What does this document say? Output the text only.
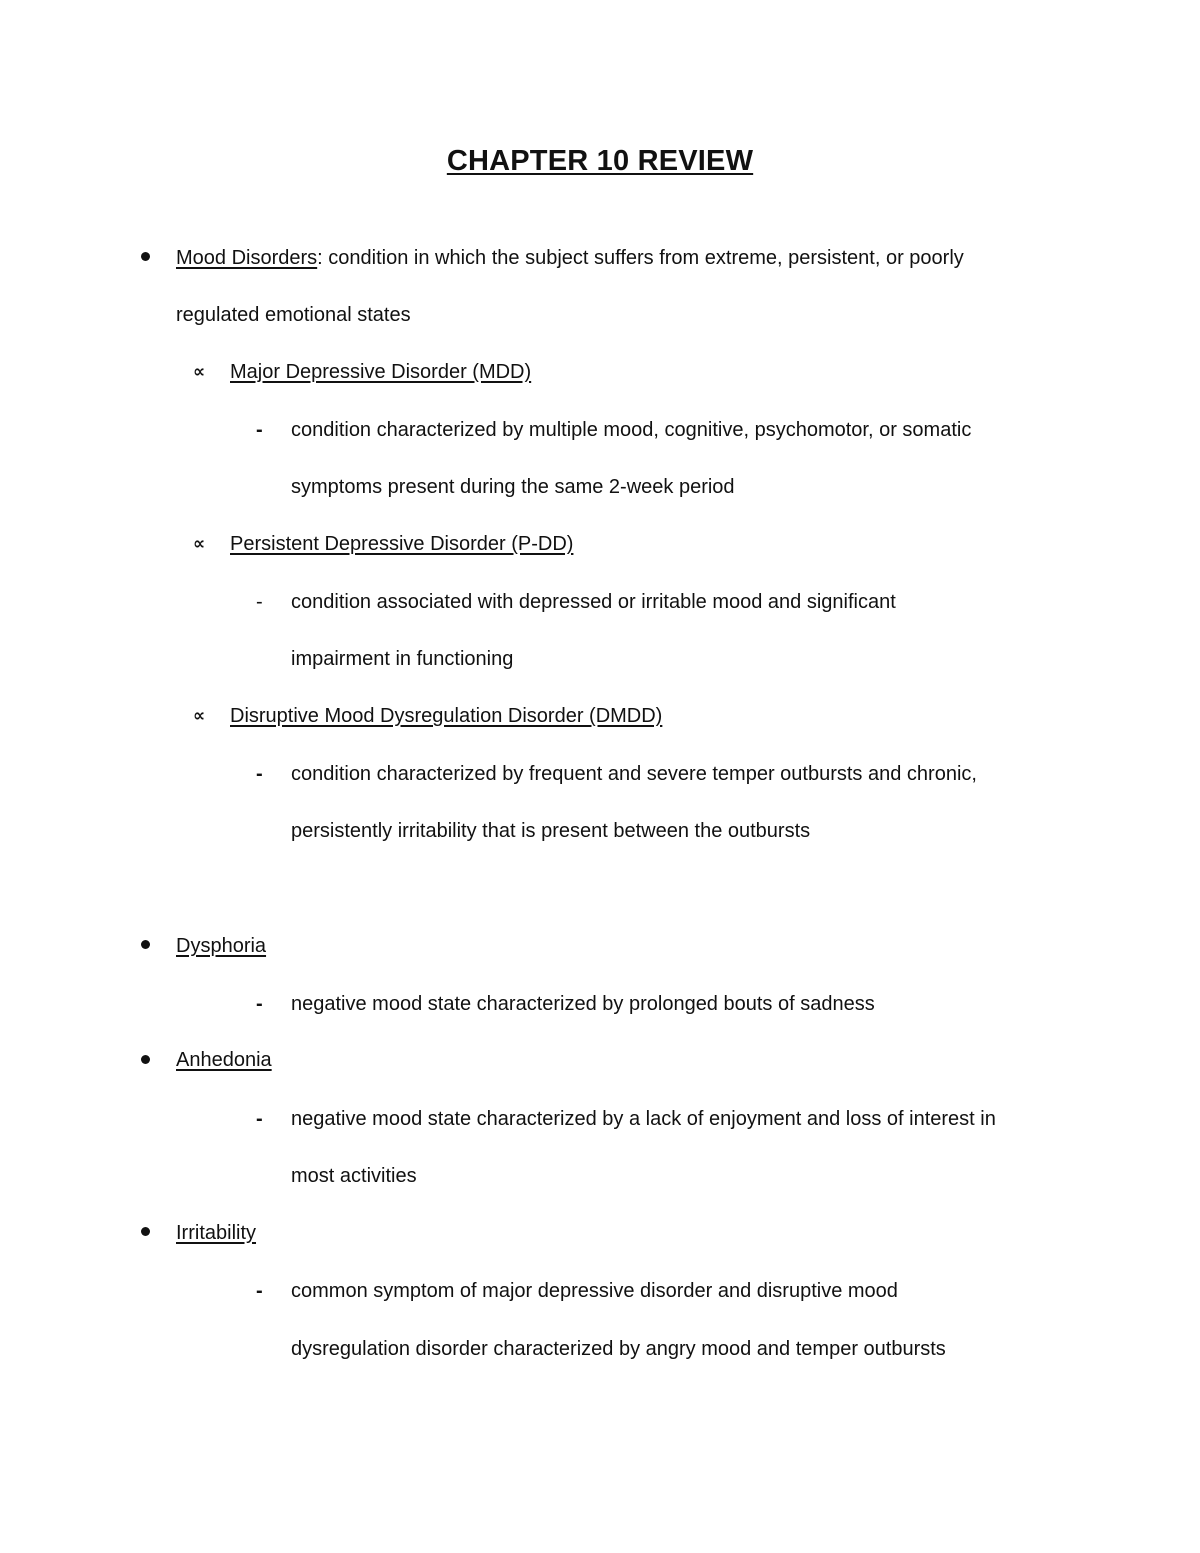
CHAPTER 10 REVIEW
Mood Disorders: condition in which the subject suffers from extreme, persistent, or poorly
regulated emotional states
∝ Major Depressive Disorder (MDD)
- condition characterized by multiple mood, cognitive, psychomotor, or somatic
symptoms present during the same 2-week period
∝ Persistent Depressive Disorder (P-DD)
- condition associated with depressed or irritable mood and significant
impairment in functioning
∝ Disruptive Mood Dysregulation Disorder (DMDD)
- condition characterized by frequent and severe temper outbursts and chronic,
persistently irritability that is present between the outbursts
Dysphoria
- negative mood state characterized by prolonged bouts of sadness
Anhedonia
- negative mood state characterized by a lack of enjoyment and loss of interest in
most activities
Irritability
- common symptom of major depressive disorder and disruptive mood
dysregulation disorder characterized by angry mood and temper outbursts
